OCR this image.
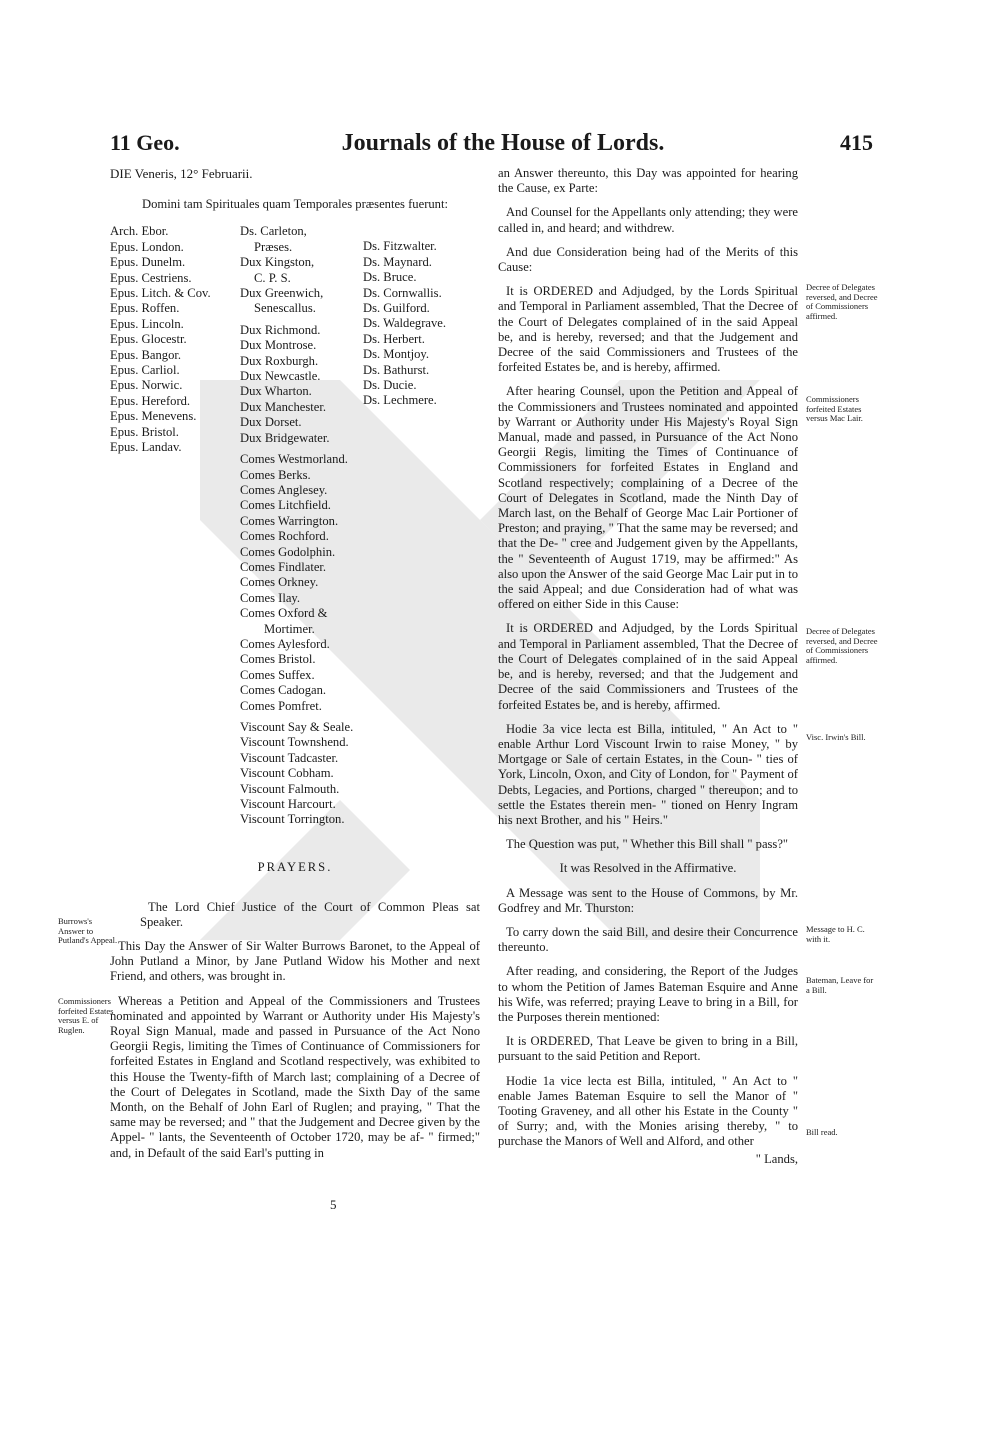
11 Geo.	Journals of the House of Lords.	415
Burrows's Answer to Putland's Appeal.
Commissioners forfeited Estates versus E. of Ruglen.
Decree of Delegates reversed, and Decree of Commissioners affirmed.
Commissioners forfeited Estates versus Mac Lair.
Decree of Delegates reversed, and Decree of Commissioners affirmed.
Visc. Irwin's Bill.
Message to H. C. with it.
Bateman, Leave for a Bill.
Bill read.

DIE Veneris, 12° Februarii.

Domini tam Spirituales quam Temporales præsentes fuerunt:

Arch. Ebor.
Epus. London.
Epus. Dunelm.
Epus. Cestriens.
Epus. Litch. & Cov.
Epus. Roffen.
Epus. Lincoln.
Epus. Glocestr.
Epus. Bangor.
Epus. Carliol.
Epus. Norwic.
Epus. Hereford.
Epus. Menevens.
Epus. Bristol.
Epus. Landav.
Ds. Carleton,
Præses.
Dux Kingston,
C. P. S.
Dux Greenwich,
Senescallus.
Dux Richmond.
Dux Montrose.
Dux Roxburgh.
Dux Newcastle.
Dux Wharton.
Dux Manchester.
Dux Dorset.
Dux Bridgewater.
Comes Westmorland.
Comes Berks.
Comes Anglesey.
Comes Litchfield.
Comes Warrington.
Comes Rochford.
Comes Godolphin.
Comes Findlater.
Comes Orkney.
Comes Ilay.
Comes Oxford &
Mortimer.
Comes Aylesford.
Comes Bristol.
Comes Suffex.
Comes Cadogan.
Comes Pomfret.
Viscount Say & Seale.
Viscount Townshend.
Viscount Tadcaster.
Viscount Cobham.
Viscount Falmouth.
Viscount Harcourt.
Viscount Torrington.
Ds. Fitzwalter.
Ds. Maynard.
Ds. Bruce.
Ds. Cornwallis.
Ds. Guilford.
Ds. Waldegrave.
Ds. Herbert.
Ds. Montjoy.
Ds. Bathurst.
Ds. Ducie.
Ds. Lechmere.

PRAYERS.

The Lord Chief Justice of the Court of Common Pleas sat Speaker.

This Day the Answer of Sir Walter Burrows Baronet, to the Appeal of John Putland a Minor, by Jane Putland Widow his Mother and next Friend, and others, was brought in.

Whereas a Petition and Appeal of the Commissioners and Trustees nominated and appointed by Warrant or Authority under His Majesty's Royal Sign Manual, made and passed in Pursuance of the Act Nono Georgii Regis, limiting the Times of Continuance of Commissioners for forfeited Estates in England and Scotland respectively, was exhibited to this House the Twenty-fifth of March last; complaining of a Decree of the Court of Delegates in Scotland, made the Sixth Day of the same Month, on the Behalf of John Earl of Ruglen; and praying, " That the same may be reversed; and " that the Judgement and Decree given by the Appel- " lants, the Seventeenth of October 1720, may be af- " firmed;" and, in Default of the said Earl's putting in

5

an Answer thereunto, this Day was appointed for hearing the Cause, ex Parte:

And Counsel for the Appellants only attending; they were called in, and heard; and withdrew.

And due Consideration being had of the Merits of this Cause:

It is ORDERED and Adjudged, by the Lords Spiritual and Temporal in Parliament assembled, That the Decree of the Court of Delegates complained of in the said Appeal be, and is hereby, reversed; and that the Judgement and Decree of the said Commissioners and Trustees of the forfeited Estates be, and is hereby, affirmed.

After hearing Counsel, upon the Petition and Appeal of the Commissioners and Trustees nominated and appointed by Warrant or Authority under His Majesty's Royal Sign Manual, made and passed, in Pursuance of the Act Nono Georgii Regis, limiting the Times of Continuance of Commissioners for forfeited Estates in England and Scotland respectively; complaining of a Decree of the Court of Delegates in Scotland, made the Ninth Day of March last, on the Behalf of George Mac Lair Portioner of Preston; and praying, " That the same may be reversed; and that the De- " cree and Judgement given by the Appellants, the " Seventeenth of August 1719, may be affirmed:" As also upon the Answer of the said George Mac Lair put in to the said Appeal; and due Consideration had of what was offered on either Side in this Cause:

It is ORDERED and Adjudged, by the Lords Spiritual and Temporal in Parliament assembled, That the Decree of the Court of Delegates complained of in the said Appeal be, and is hereby, reversed; and that the Judgement and Decree of the said Commissioners and Trustees of the forfeited Estates be, and is hereby, affirmed.

Hodie 3a vice lecta est Billa, intituled, " An Act to " enable Arthur Lord Viscount Irwin to raise Money, " by Mortgage or Sale of certain Estates, in the Coun- " ties of York, Lincoln, Oxon, and City of London, for " Payment of Debts, Legacies, and Portions, charged " thereupon; and to settle the Estates therein men- " tioned on Henry Ingram his next Brother, and his " Heirs."

The Question was put, " Whether this Bill shall " pass?"

It was Resolved in the Affirmative.

A Message was sent to the House of Commons, by Mr. Godfrey and Mr. Thurston:

To carry down the said Bill, and desire their Concurrence thereunto.

After reading, and considering, the Report of the Judges to whom the Petition of James Bateman Esquire and Anne his Wife, was referred; praying Leave to bring in a Bill, for the Purposes therein mentioned:

It is ORDERED, That Leave be given to bring in a Bill, pursuant to the said Petition and Report.

Hodie 1a vice lecta est Billa, intituled, " An Act to " enable James Bateman Esquire to sell the Manor of " Tooting Graveney, and all other his Estate in the County " of Surry; and, with the Monies arising thereby, " to purchase the Manors of Well and Alford, and other

" Lands,
